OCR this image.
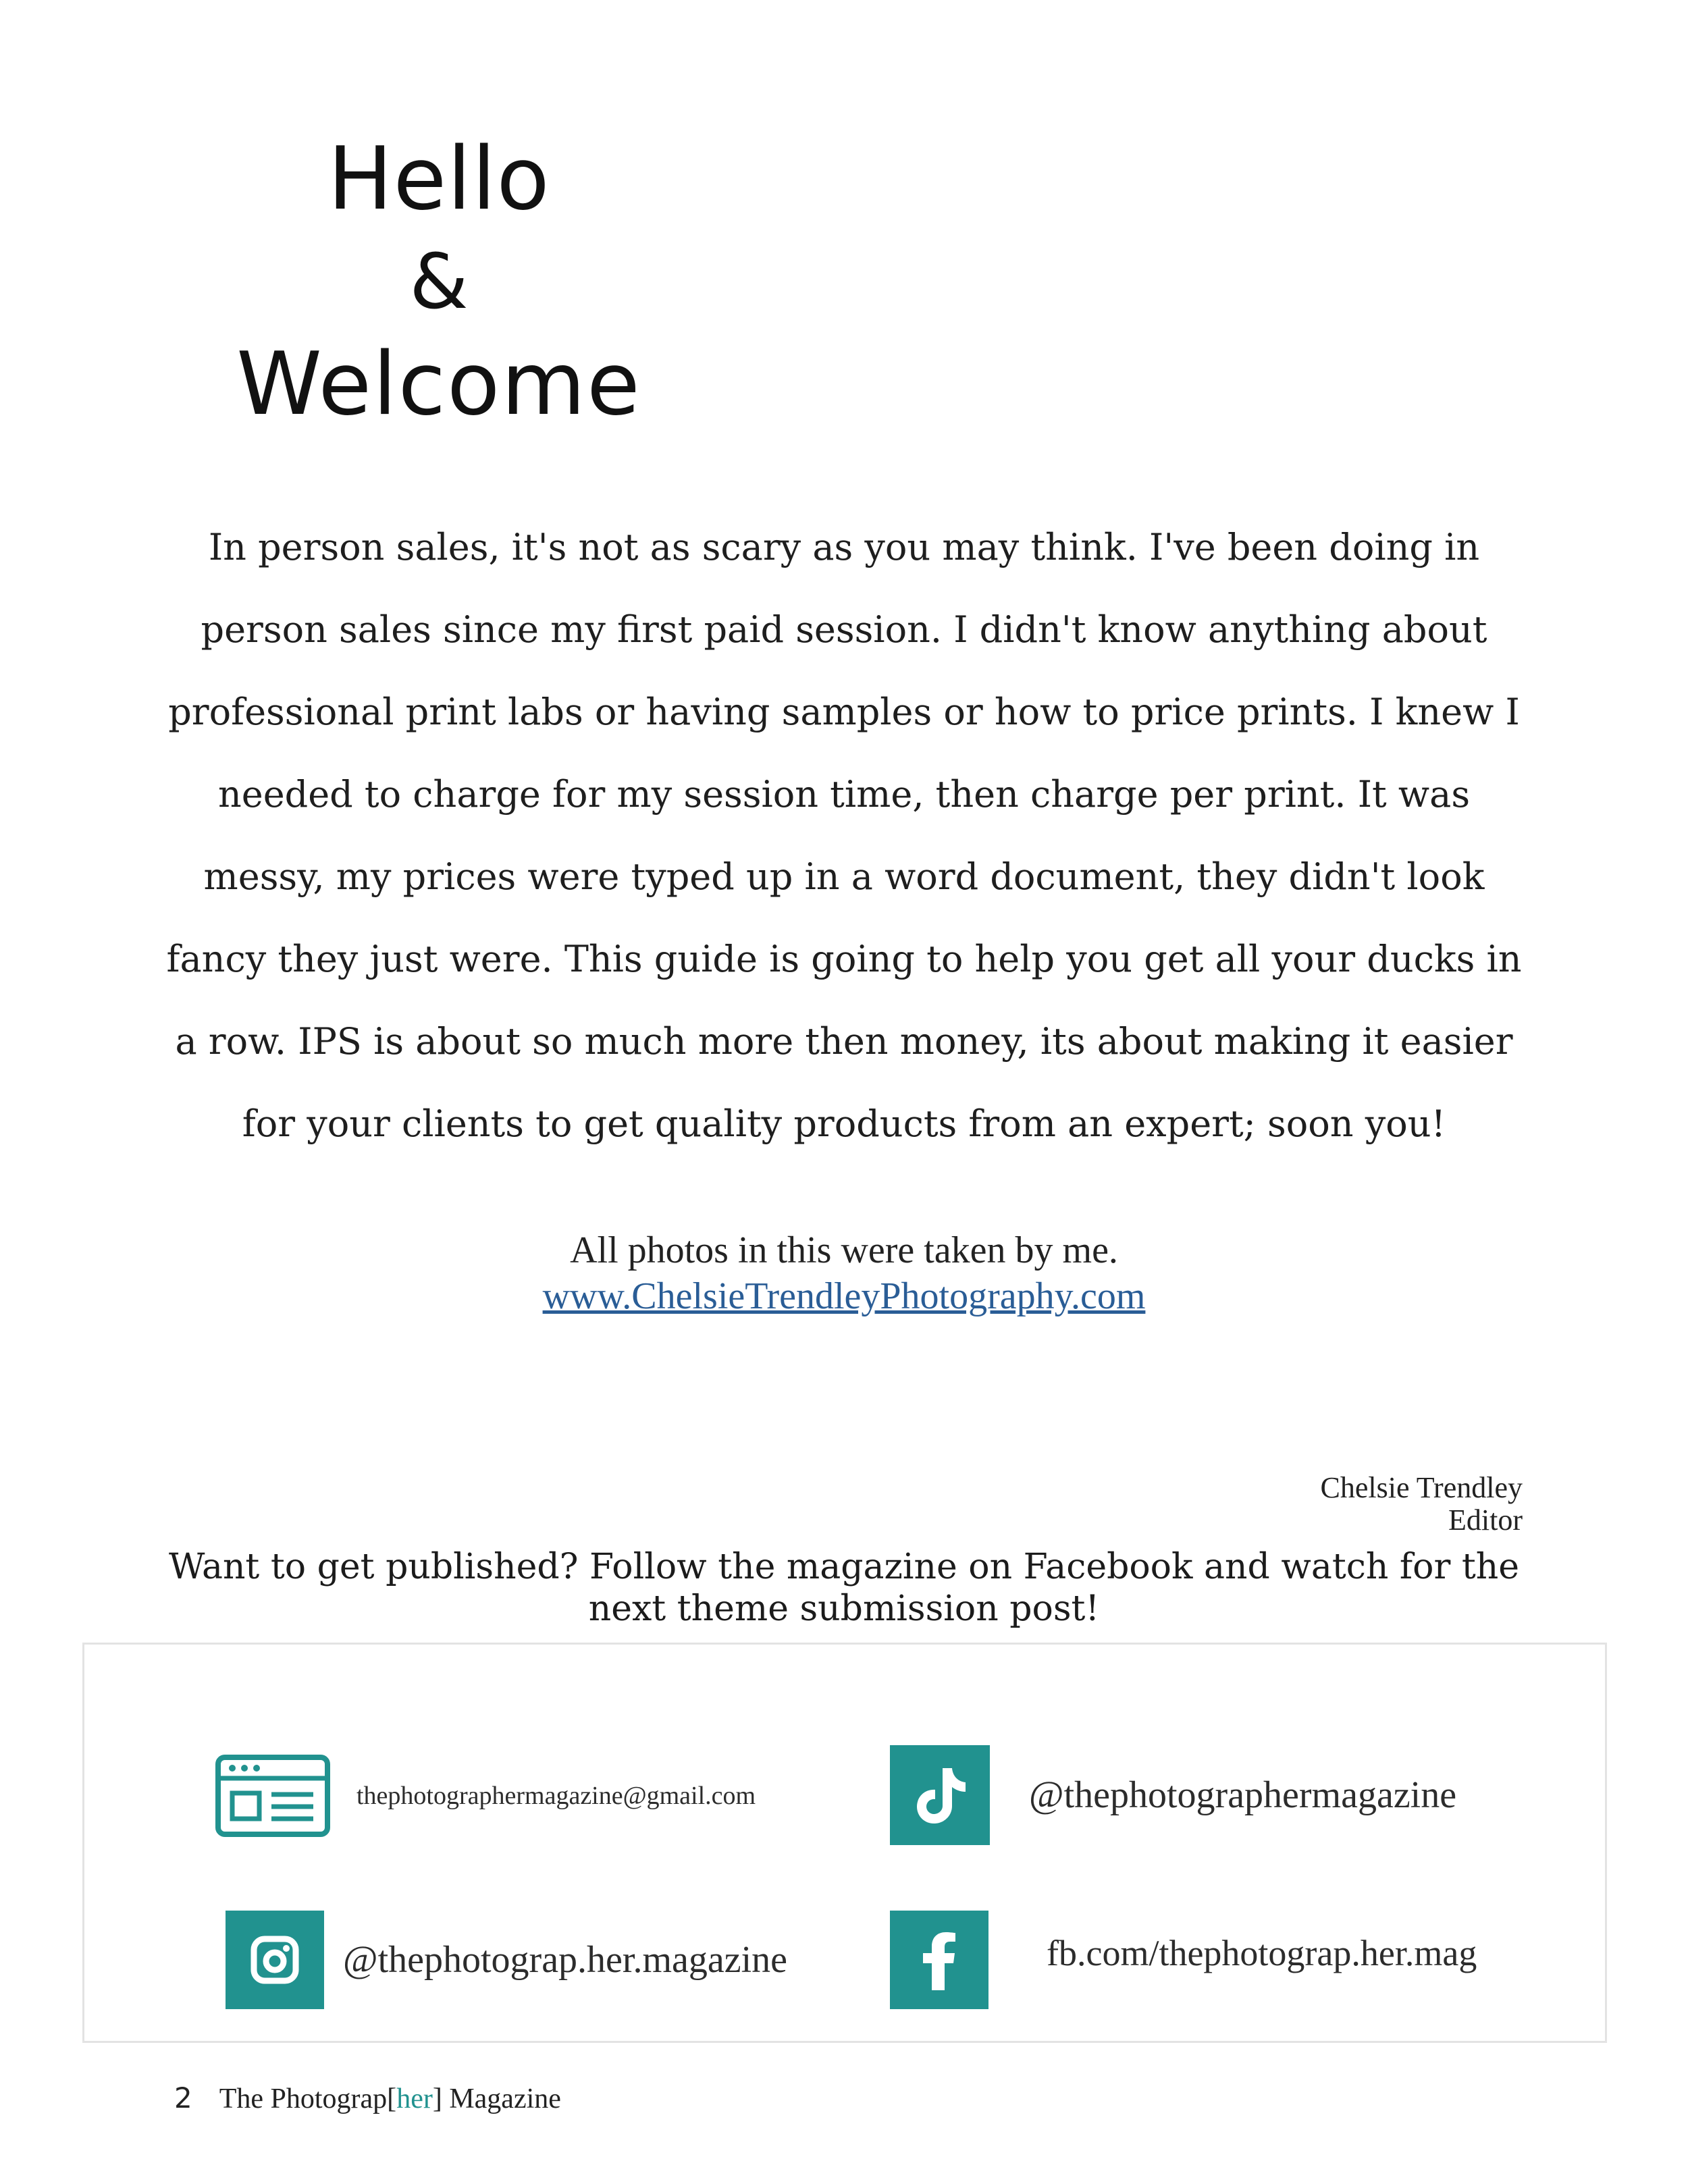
Hello
&
Welcome
In person sales, it's not as scary as you may think. I've been doing in person sales since my first paid session. I didn't know anything about professional print labs or having samples or how to price prints. I knew I needed to charge for my session time, then charge per print. It was messy, my prices were typed up in a word document, they didn't look fancy they just were. This guide is going to help you get all your ducks in a row. IPS is about so much more then money, its about making it easier for your clients to get quality products from an expert; soon you!
All photos in this were taken by me.
www.ChelsieTrendleyPhotography.com
Chelsie Trendley
Editor
Want to get published? Follow the magazine on Facebook and watch for the next theme submission post!
thephotographermagazine@gmail.com	@thephotographermagazine
@thephotograp.her.magazine	fb.com/thephotograp.her.mag
2 The Photograp[her] Magazine
